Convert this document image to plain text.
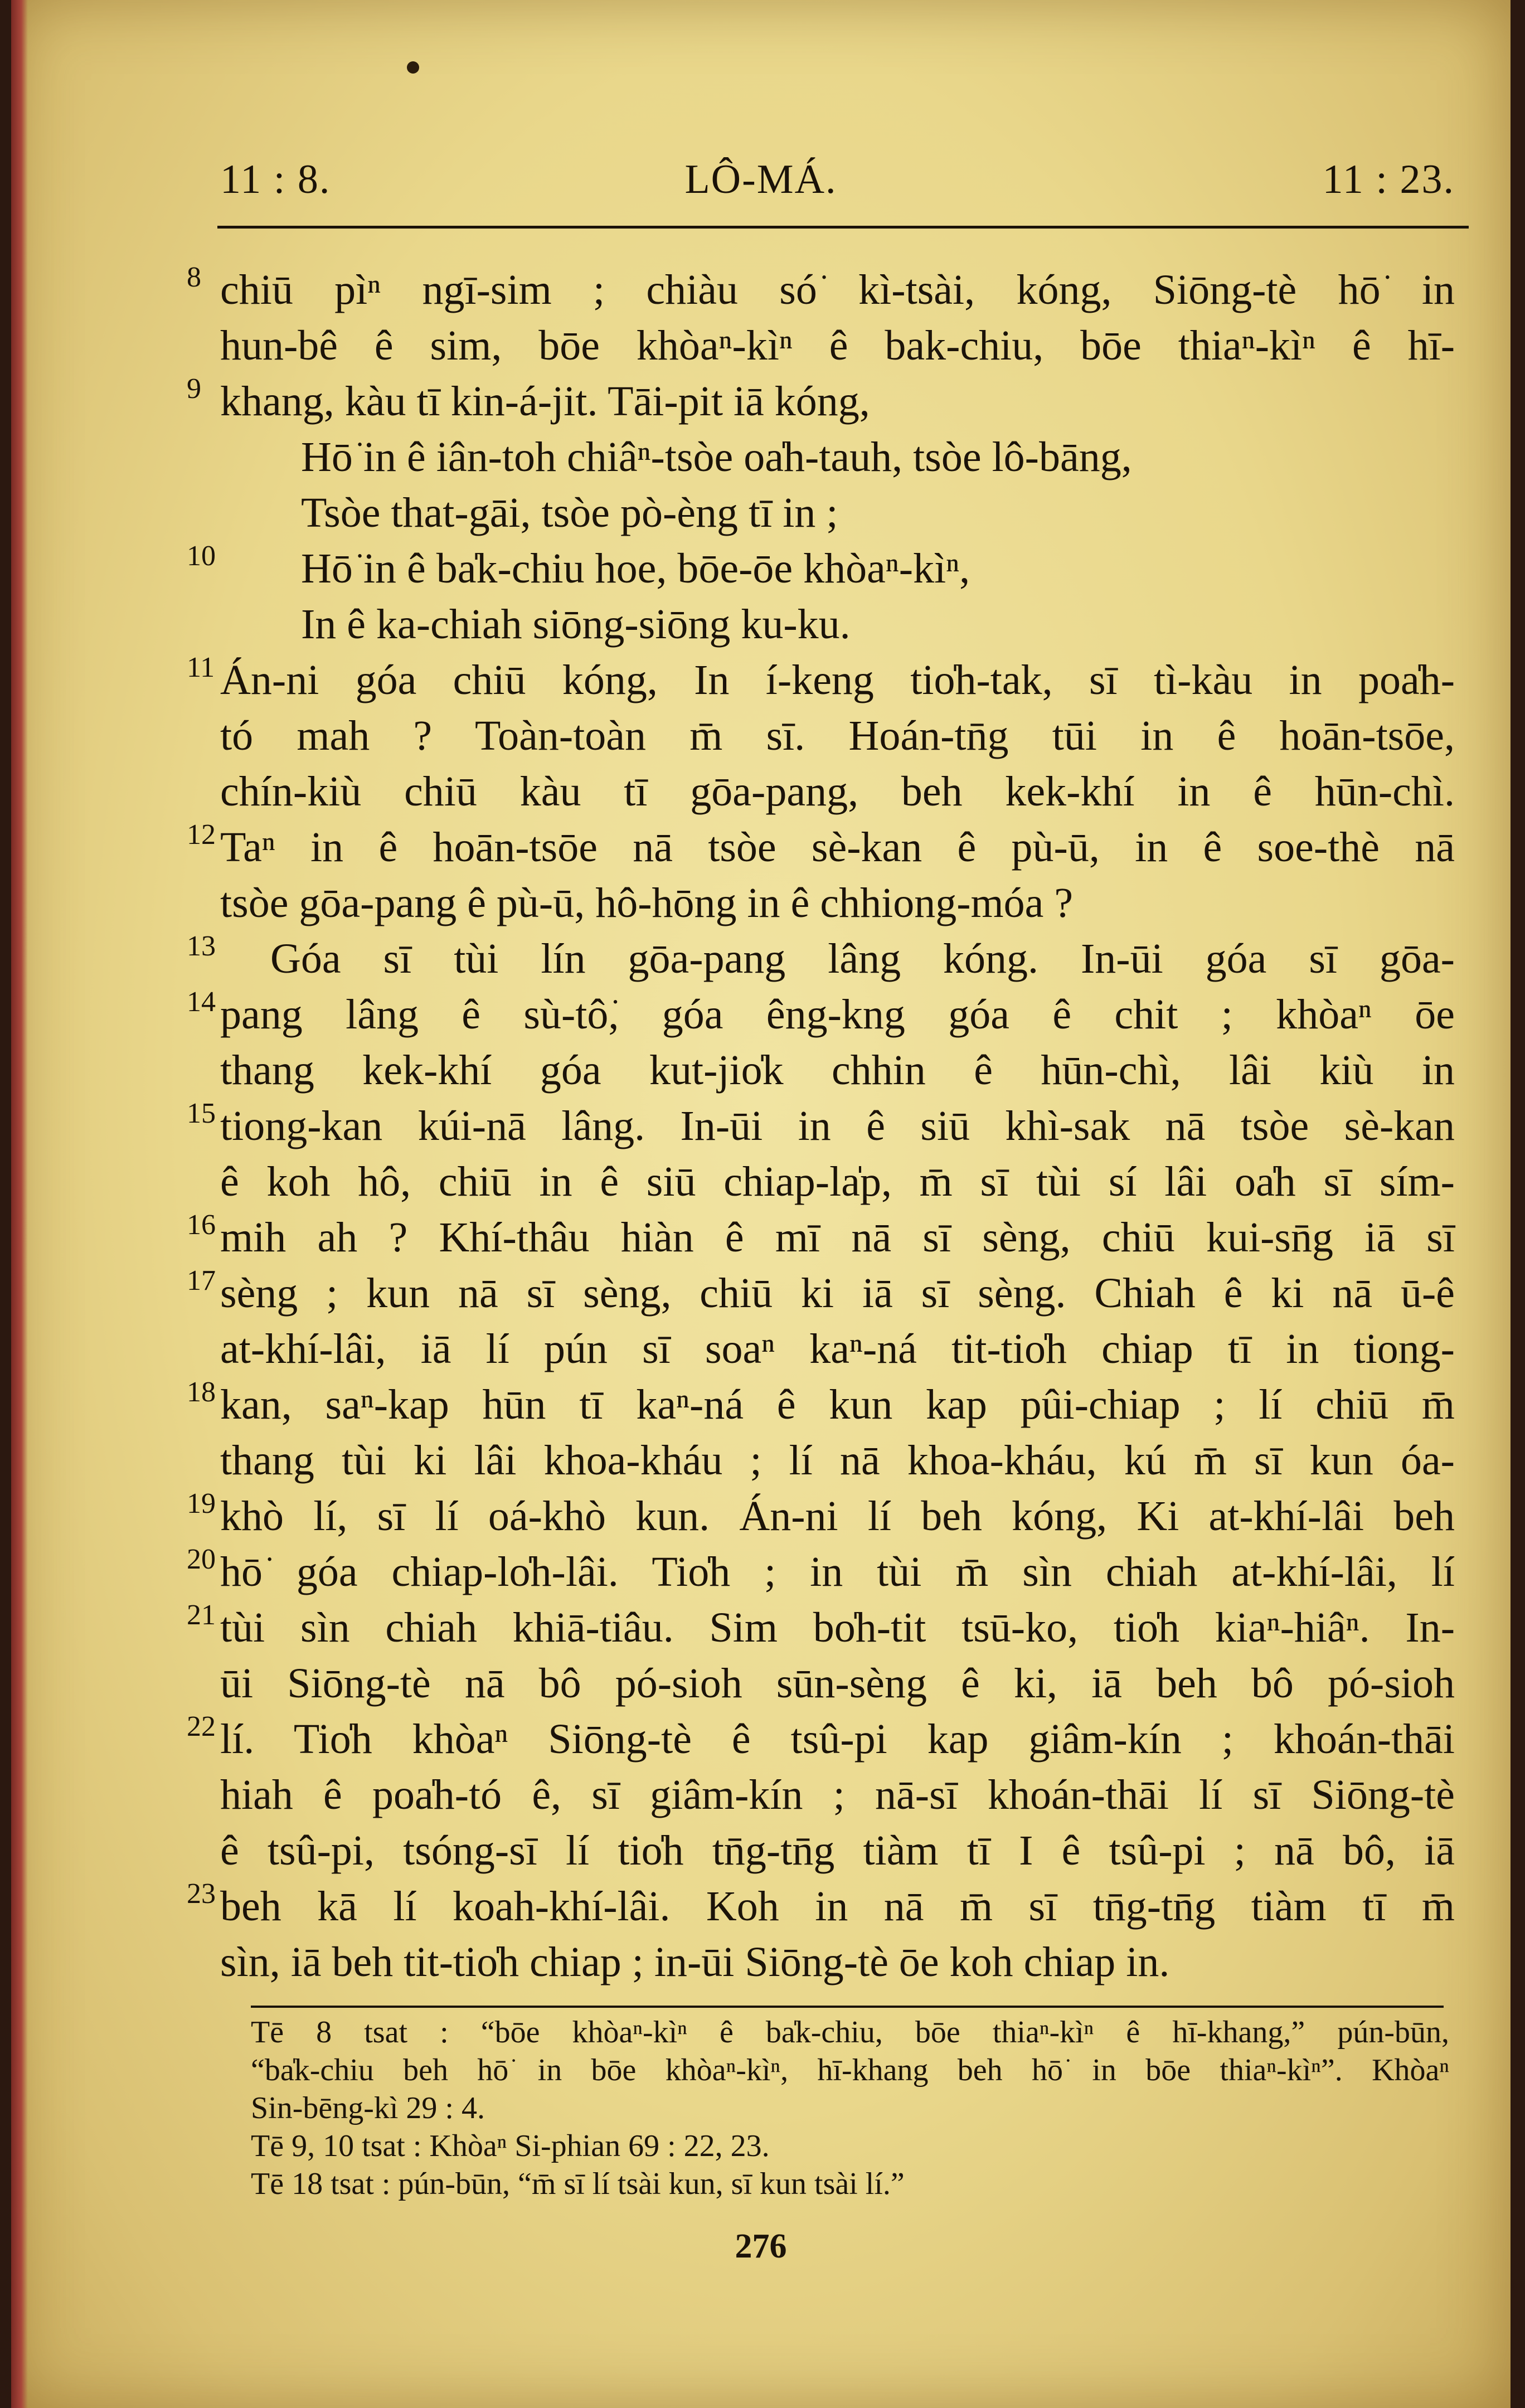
LÔ-MÁ.
11 : 8.	11 : 23.
8 chiū pìⁿ ngī-sim ; chiàu só͘ kì-tsài, kóng, Siōng-tè hō͘ in
hun-bê ê sim, bōe khòaⁿ-kìⁿ ê bak-chiu, bōe thiaⁿ-kìⁿ ê hī-
9 khang, kàu tī kin-á-jit. Tāi-pit iā kóng,
Hō͘ in ê iân-toh chiâⁿ-tsòe oa̍h-tauh, tsòe lô-bāng,
Tsòe that-gāi, tsòe pò-èng tī in ;
10	Hō͘ in ê ba̍k-chiu hoe, bōe-ōe khòaⁿ-kìⁿ,
In ê ka-chiah siōng-siōng ku-ku.
11 Án-ni góa chiū kóng, In í-keng tio̍h-tak, sī tì-kàu in poa̍h-
tó mah ? Toàn-toàn m̄ sī. Hoán-tn̄g tūi in ê hoān-tsōe,
chín-kiù chiū kàu tī gōa-pang, beh kek-khí in ê hūn-chì.
12 Taⁿ in ê hoān-tsōe nā tsòe sè-kan ê pù-ū, in ê soe-thè nā
tsòe gōa-pang ê pù-ū, hô-hōng in ê chhiong-móa ?
13	Góa sī tùi lín gōa-pang lâng kóng. In-ūi góa sī gōa-
14 pang lâng ê sù-tô͘, góa êng-kng góa ê chit ; khòaⁿ ōe
thang kek-khí góa kut-jio̍k chhin ê hūn-chì, lâi kiù in
15 tiong-kan kúi-nā lâng. In-ūi in ê siū khì-sak nā tsòe sè-kan
ê koh hô, chiū in ê siū chiap-la̍p, m̄ sī tùi sí lâi oa̍h sī sím-
16 mih ah ? Khí-thâu hiàn ê mī nā sī sèng, chiū kui-sn̄g iā sī
17 sèng ; kun nā sī sèng, chiū ki iā sī sèng. Chiah ê ki nā ū-ê
at-khí-lâi, iā lí pún sī soaⁿ kaⁿ-ná tit-tio̍h chiap tī in tiong-
18 kan, saⁿ-kap hūn tī kaⁿ-ná ê kun kap pûi-chiap ; lí chiū m̄
thang tùi ki lâi khoa-kháu ; lí nā khoa-kháu, kú m̄ sī kun óa-
19 khò lí, sī lí oá-khò kun. Án-ni lí beh kóng, Ki at-khí-lâi beh
20 hō͘ góa chiap-lo̍h-lâi. Tio̍h ; in tùi m̄ sìn chiah at-khí-lâi, lí
21 tùi sìn chiah khiā-tiâu. Sim bo̍h-tit tsū-ko, tio̍h kiaⁿ-hiâⁿ. In-
ūi Siōng-tè nā bô pó-sioh sūn-sèng ê ki, iā beh bô pó-sioh
22 lí. Tio̍h khòaⁿ Siōng-tè ê tsû-pi kap giâm-kín ; khoán-thāi
hiah ê poa̍h-tó ê, sī giâm-kín ; nā-sī khoán-thāi lí sī Siōng-tè
ê tsû-pi, tsóng-sī lí tio̍h tn̄g-tn̄g tiàm tī I ê tsû-pi ; nā bô, iā
23 beh kā lí koah-khí-lâi. Koh in nā m̄ sī tn̄g-tn̄g tiàm tī m̄
sìn, iā beh tit-tio̍h chiap ; in-ūi Siōng-tè ōe koh chiap in.
Tē 8 tsat : “bōe khòaⁿ-kìⁿ ê ba̍k-chiu, bōe thiaⁿ-kìⁿ ê hī-khang,” pún-būn,
“ba̍k-chiu beh hō͘ in bōe khòaⁿ-kìⁿ, hī-khang beh hō͘ in bōe thiaⁿ-kìⁿ”. Khòaⁿ
Sin-bēng-kì 29 : 4.
Tē 9, 10 tsat : Khòaⁿ Si-phian 69 : 22, 23.
Tē 18 tsat : pún-būn, “m̄ sī lí tsài kun, sī kun tsài lí.”
276
